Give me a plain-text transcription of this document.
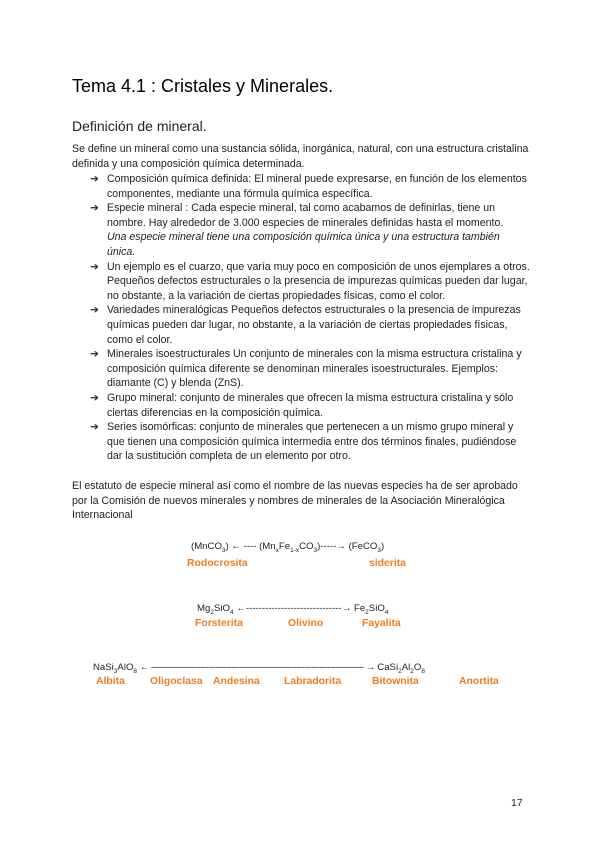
Tema 4.1 : Cristales y Minerales.
Definición de mineral.

Se define un mineral como una sustancia sólida, inorgánica, natural, con una estructura cristalina definida y una composición química determinada.

➔ Composición química definida: El mineral puede expresarse, en función de los elementos componentes, mediante una fórmula química específica.
➔ Especie mineral : Cada especie mineral, tal como acabamos de definirlas, tiene un nombre. Hay alrededor de 3.000 especies de minerales definidas hasta el momento.
Una especie mineral tiene una composición química única y una estructura también única.
➔ Un ejemplo es el cuarzo, que varía muy poco en composición de unos ejemplares a otros. Pequeños defectos estructurales o la presencia de impurezas químicas pueden dar lugar, no obstante, a la variación de ciertas propiedades físicas, como el color.
➔ Variedades mineralógicas Pequeños defectos estructurales o la presencia de impurezas químicas pueden dar lugar, no obstante, a la variación de ciertas propiedades físicas, como el color.
➔ Minerales isoestructurales Un conjunto de minerales con la misma estructura cristalina y composición química diferente se denominan minerales isoestructurales. Ejemplos: diamante (C) y blenda (ZnS).
➔ Grupo mineral: conjunto de minerales que ofrecen la misma estructura cristalina y sólo ciertas diferencias en la composición química.
➔ Series isomórficas: conjunto de minerales que pertenecen a un mismo grupo mineral y que tienen una composición química intermedia entre dos términos finales, pudiéndose dar la sustitución completa de un elemento por otro.

El estatuto de especie mineral así como el nombre de las nuevas especies ha de ser aprobado por la Comisión de nuevos minerales y nombres de minerales de la Asociación Mineralógica Internacional

(MnCO$_3$) ← ---- $(Mn_xFe_{1-x}CO_3)-----\to$ (FeCO$_3$)
Rodocrosita	siderita
$Mg_2SiO_4$ ←------------------------------→ $Fe_2SiO_4$
Forsterita	Olivino	Fayalita
NaSi$_3$AlO$_8$ ← ---------------------------------------------------------------------------------- → $CaSi_2Al_2O_8$
Albita Oligoclasa Andesina Labradorita	Bitownita	Anortita
17
